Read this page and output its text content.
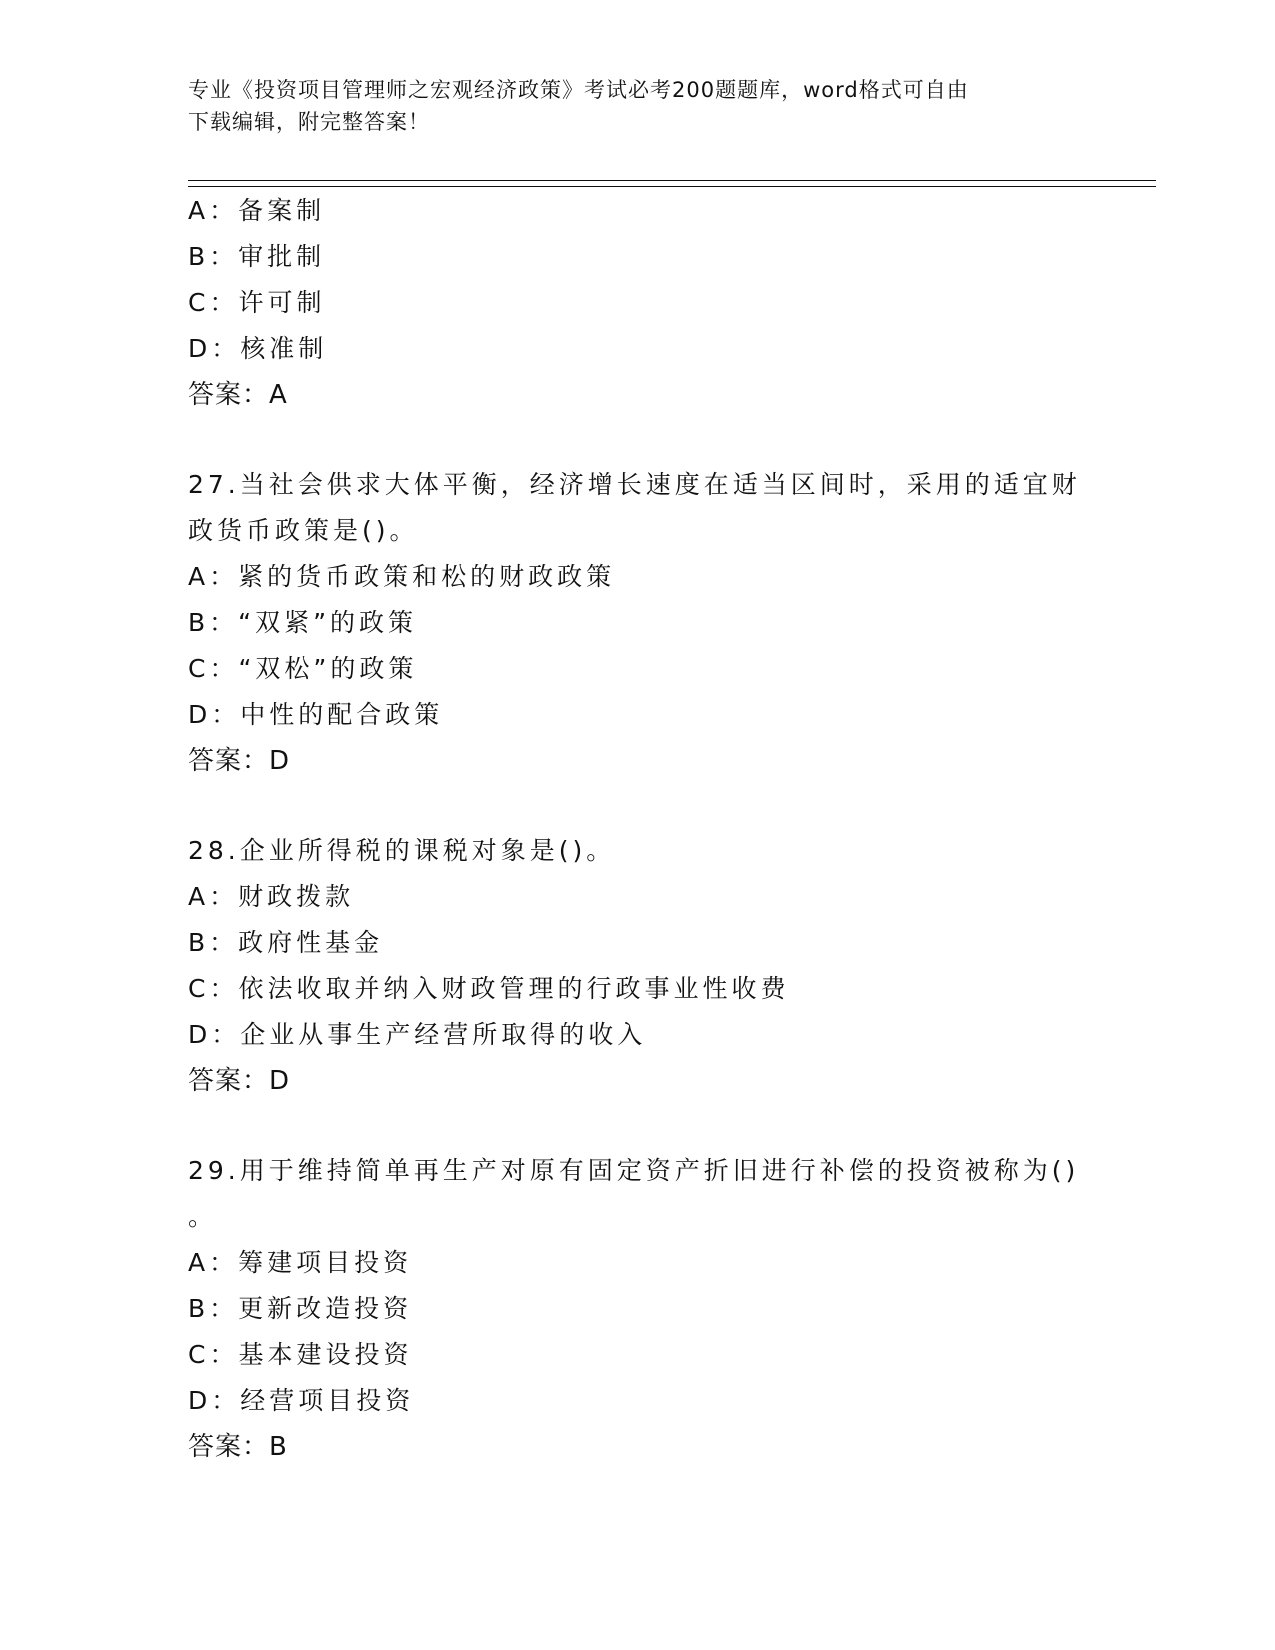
专业《投资项目管理师之宏观经济政策》考试必考200题题库，word格式可自由
下载编辑，附完整答案！
A：备案制
B：审批制
C：许可制
D：核准制
答案：A
27.当社会供求大体平衡，经济增长速度在适当区间时，采用的适宜财
政货币政策是()。
A：紧的货币政策和松的财政政策
B：“双紧”的政策
C：“双松”的政策
D：中性的配合政策
答案：D
28.企业所得税的课税对象是()。
A：财政拨款
B：政府性基金
C：依法收取并纳入财政管理的行政事业性收费
D：企业从事生产经营所取得的收入
答案：D
29.用于维持简单再生产对原有固定资产折旧进行补偿的投资被称为()
。
A：筹建项目投资
B：更新改造投资
C：基本建设投资
D：经营项目投资
答案：B
